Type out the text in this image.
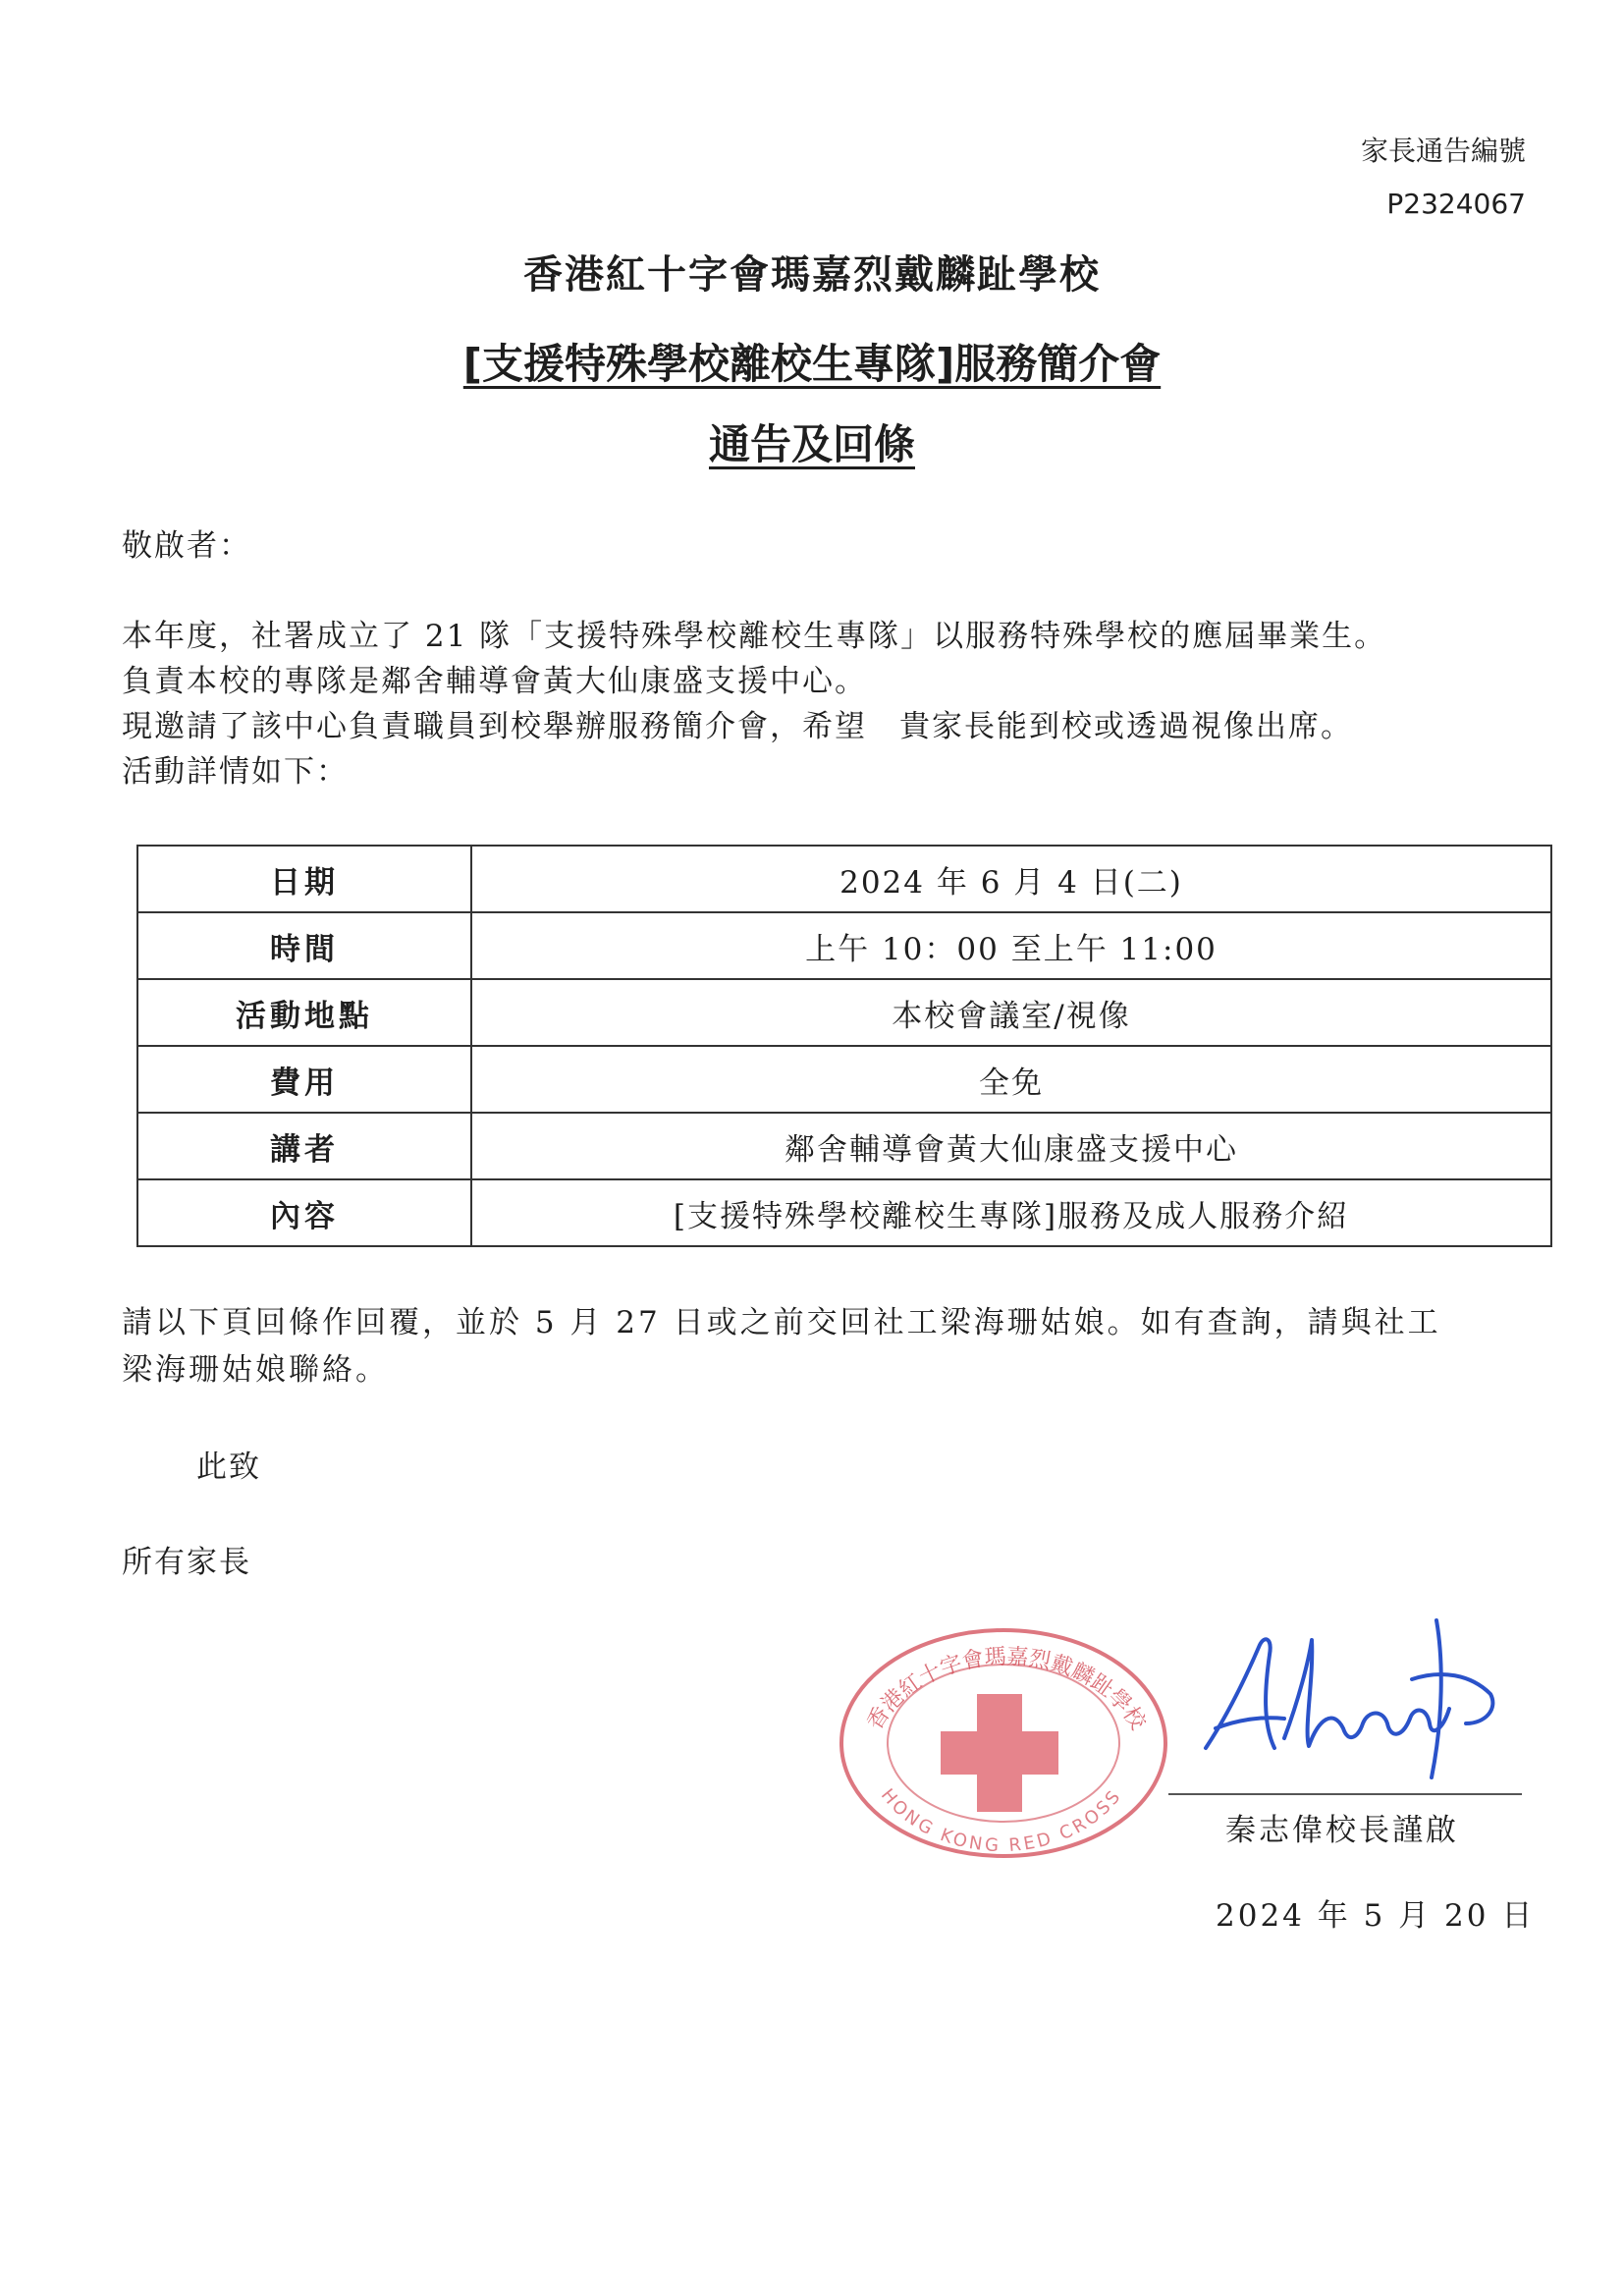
家長通告編號
P2324067
香港紅十字會瑪嘉烈戴麟趾學校
[支援特殊學校離校生專隊]服務簡介會
通告及回條
敬啟者：
本年度，社署成立了 21 隊「支援特殊學校離校生專隊」以服務特殊學校的應屆畢業生。
負責本校的專隊是鄰舍輔導會黃大仙康盛支援中心。
現邀請了該中心負責職員到校舉辦服務簡介會，希望　貴家長能到校或透過視像出席。
活動詳情如下：
日期	2024 年 6 月 4 日(二)
時間	上午 10：00 至上午 11:00
活動地點	本校會議室/視像
費用	全免
講者	鄰舍輔導會黃大仙康盛支援中心
內容	[支援特殊學校離校生專隊]服務及成人服務介紹
請以下頁回條作回覆，並於 5 月 27 日或之前交回社工梁海珊姑娘。如有查詢，請與社工
梁海珊姑娘聯絡。
此致
所有家長
香港紅十字會瑪嘉烈戴麟趾學校
HONG KONG RED CROSS
秦志偉校長謹啟
2024 年 5 月 20 日
